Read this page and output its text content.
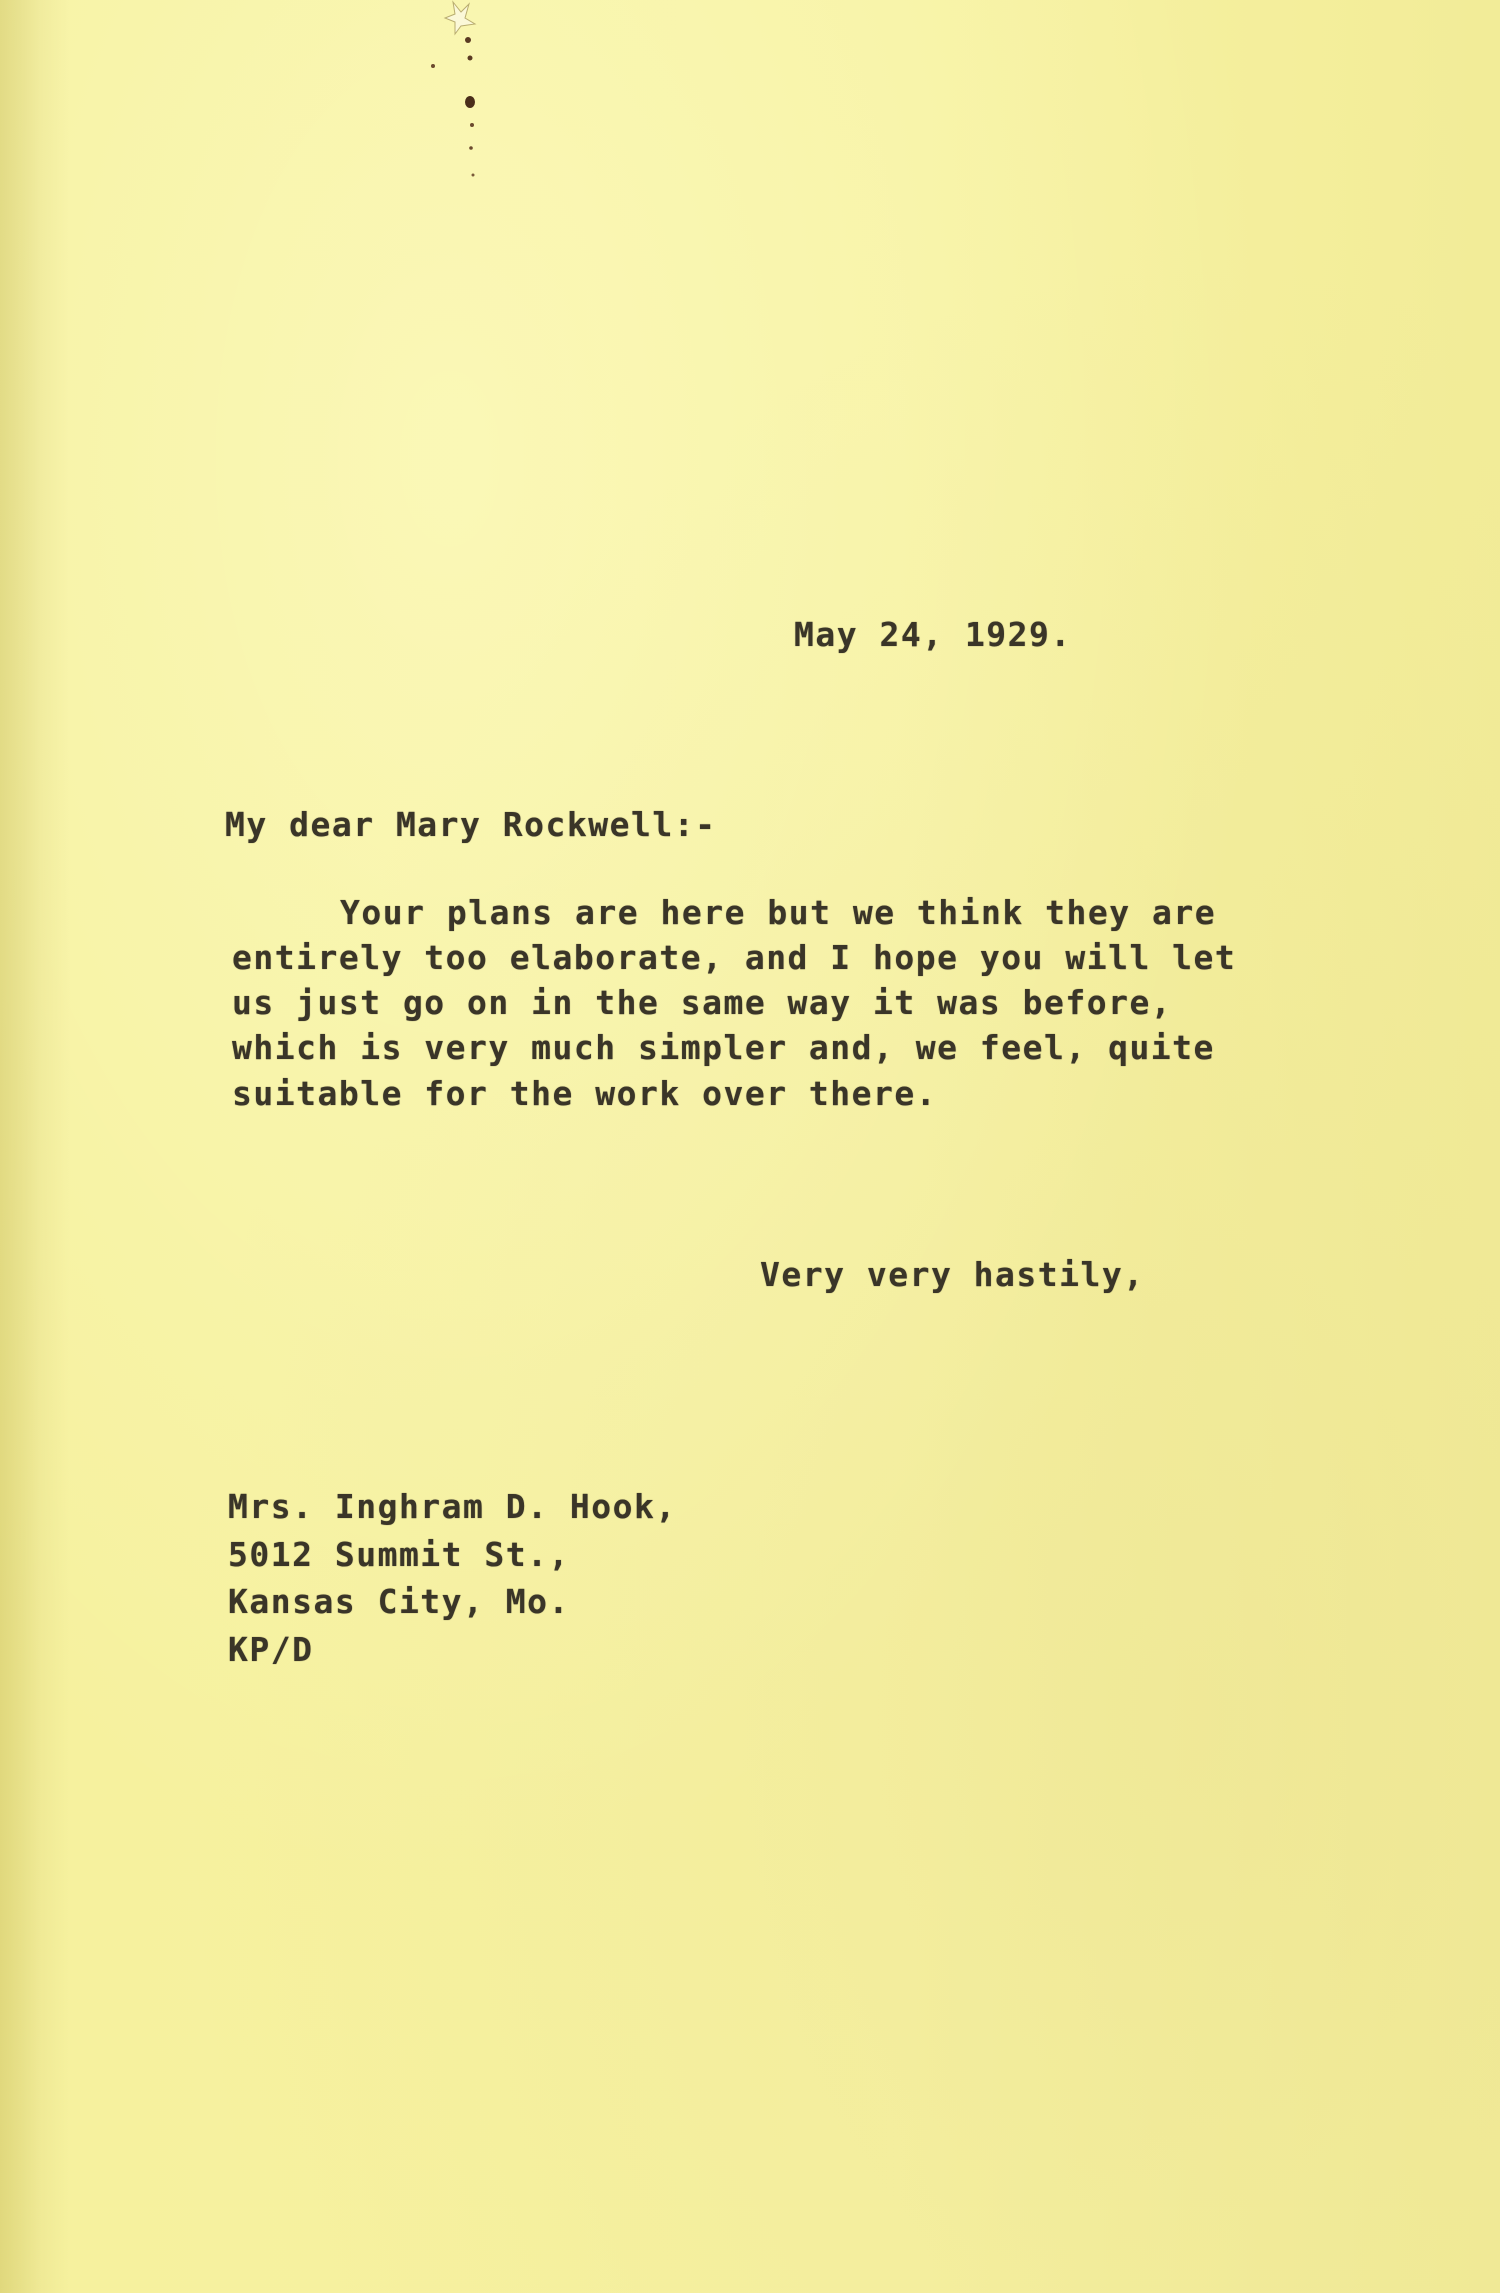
May 24, 1929.

My dear Mary Rockwell:-

Your plans are here but we think they are

entirely too elaborate, and I hope you will let

us just go on in the same way it was before,

which is very much simpler and, we feel, quite

suitable for the work over there.

Very very hastily,

Mrs. Inghram D. Hook,

5012 Summit St.,

Kansas City, Mo.

KP/D
